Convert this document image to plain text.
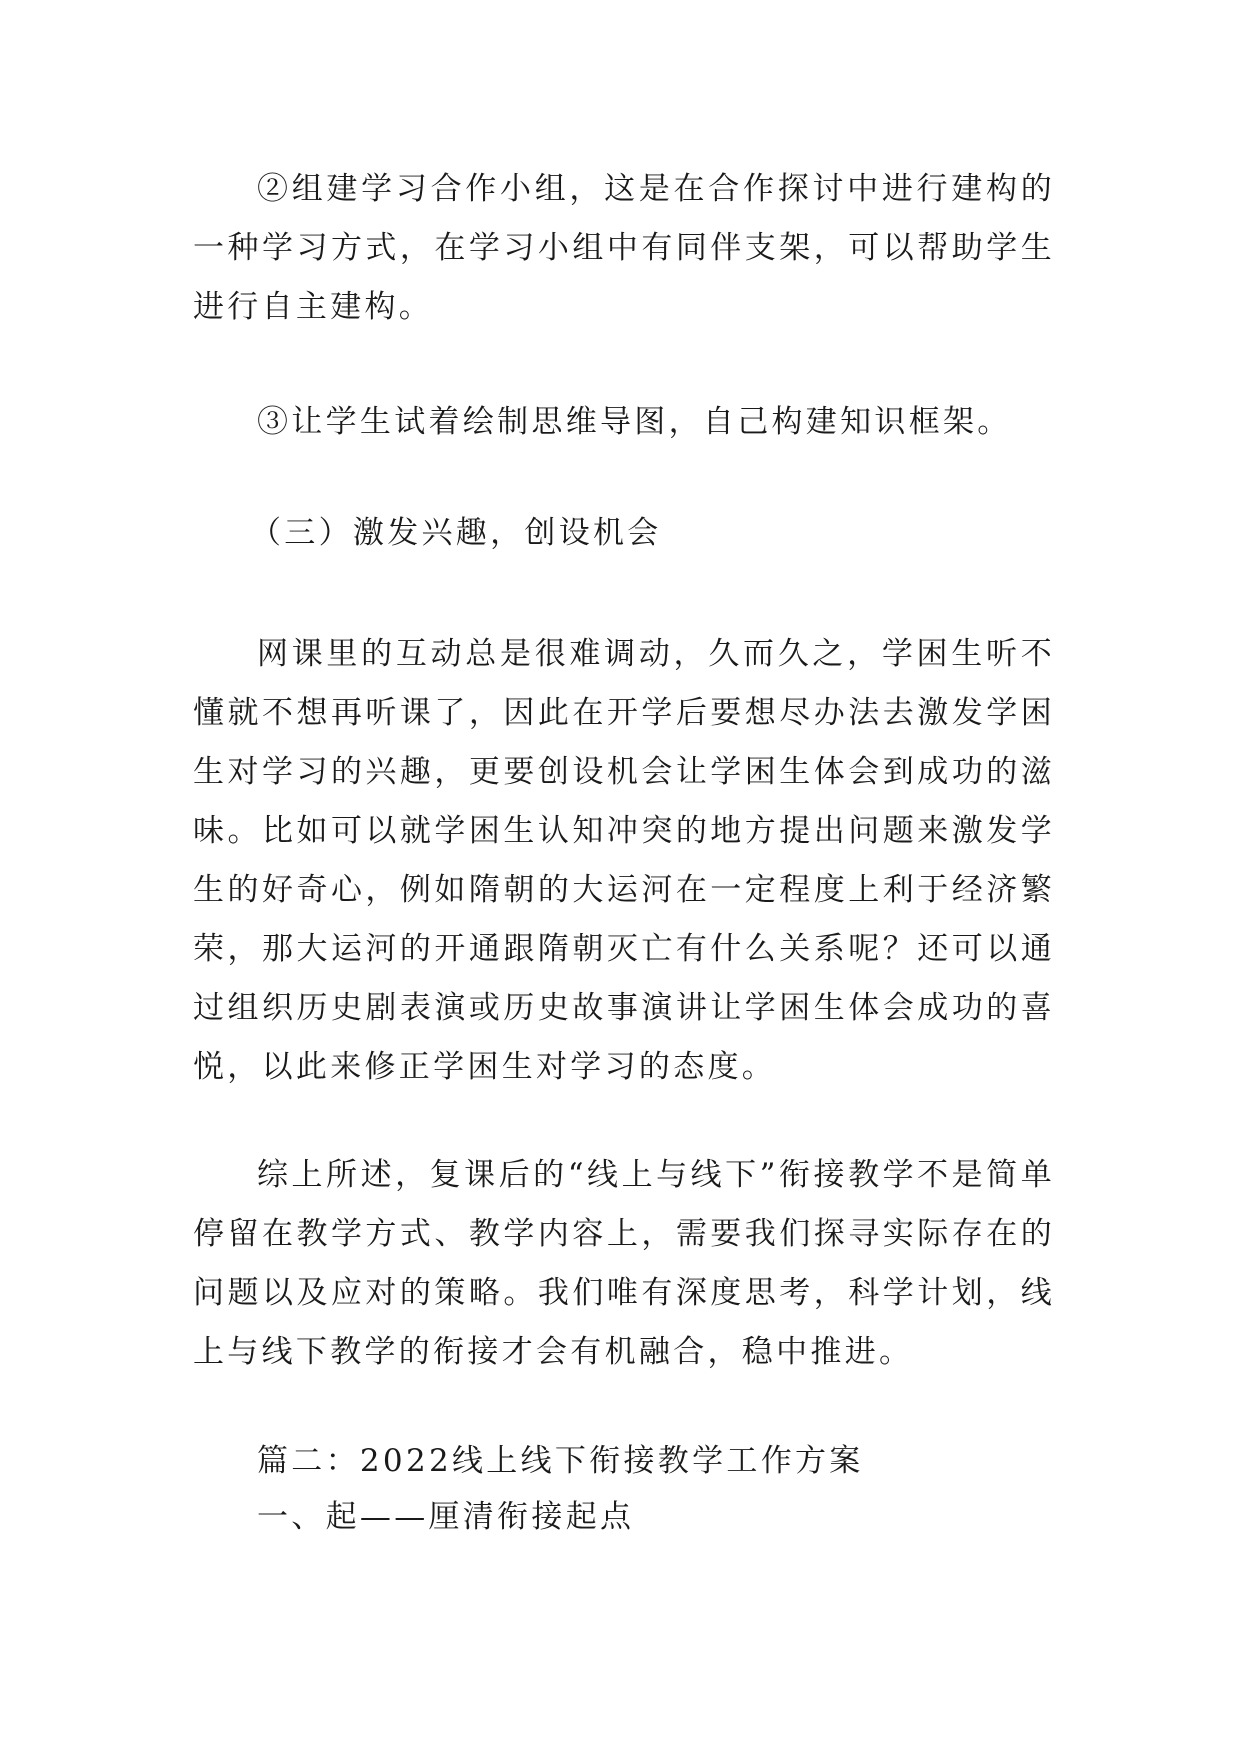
②组建学习合作小组，这是在合作探讨中进行建构的一种学习方式，在学习小组中有同伴支架，可以帮助学生进行自主建构。

③让学生试着绘制思维导图，自己构建知识框架。

（三）激发兴趣，创设机会

网课里的互动总是很难调动，久而久之，学困生听不懂就不想再听课了，因此在开学后要想尽办法去激发学困生对学习的兴趣，更要创设机会让学困生体会到成功的滋味。比如可以就学困生认知冲突的地方提出问题来激发学生的好奇心，例如隋朝的大运河在一定程度上利于经济繁荣，那大运河的开通跟隋朝灭亡有什么关系呢？还可以通过组织历史剧表演或历史故事演讲让学困生体会成功的喜悦，以此来修正学困生对学习的态度。

综上所述，复课后的“线上与线下”衔接教学不是简单停留在教学方式、教学内容上，需要我们探寻实际存在的问题以及应对的策略。我们唯有深度思考，科学计划，线上与线下教学的衔接才会有机融合，稳中推进。

篇二：2022线上线下衔接教学工作方案

一、起——厘清衔接起点
